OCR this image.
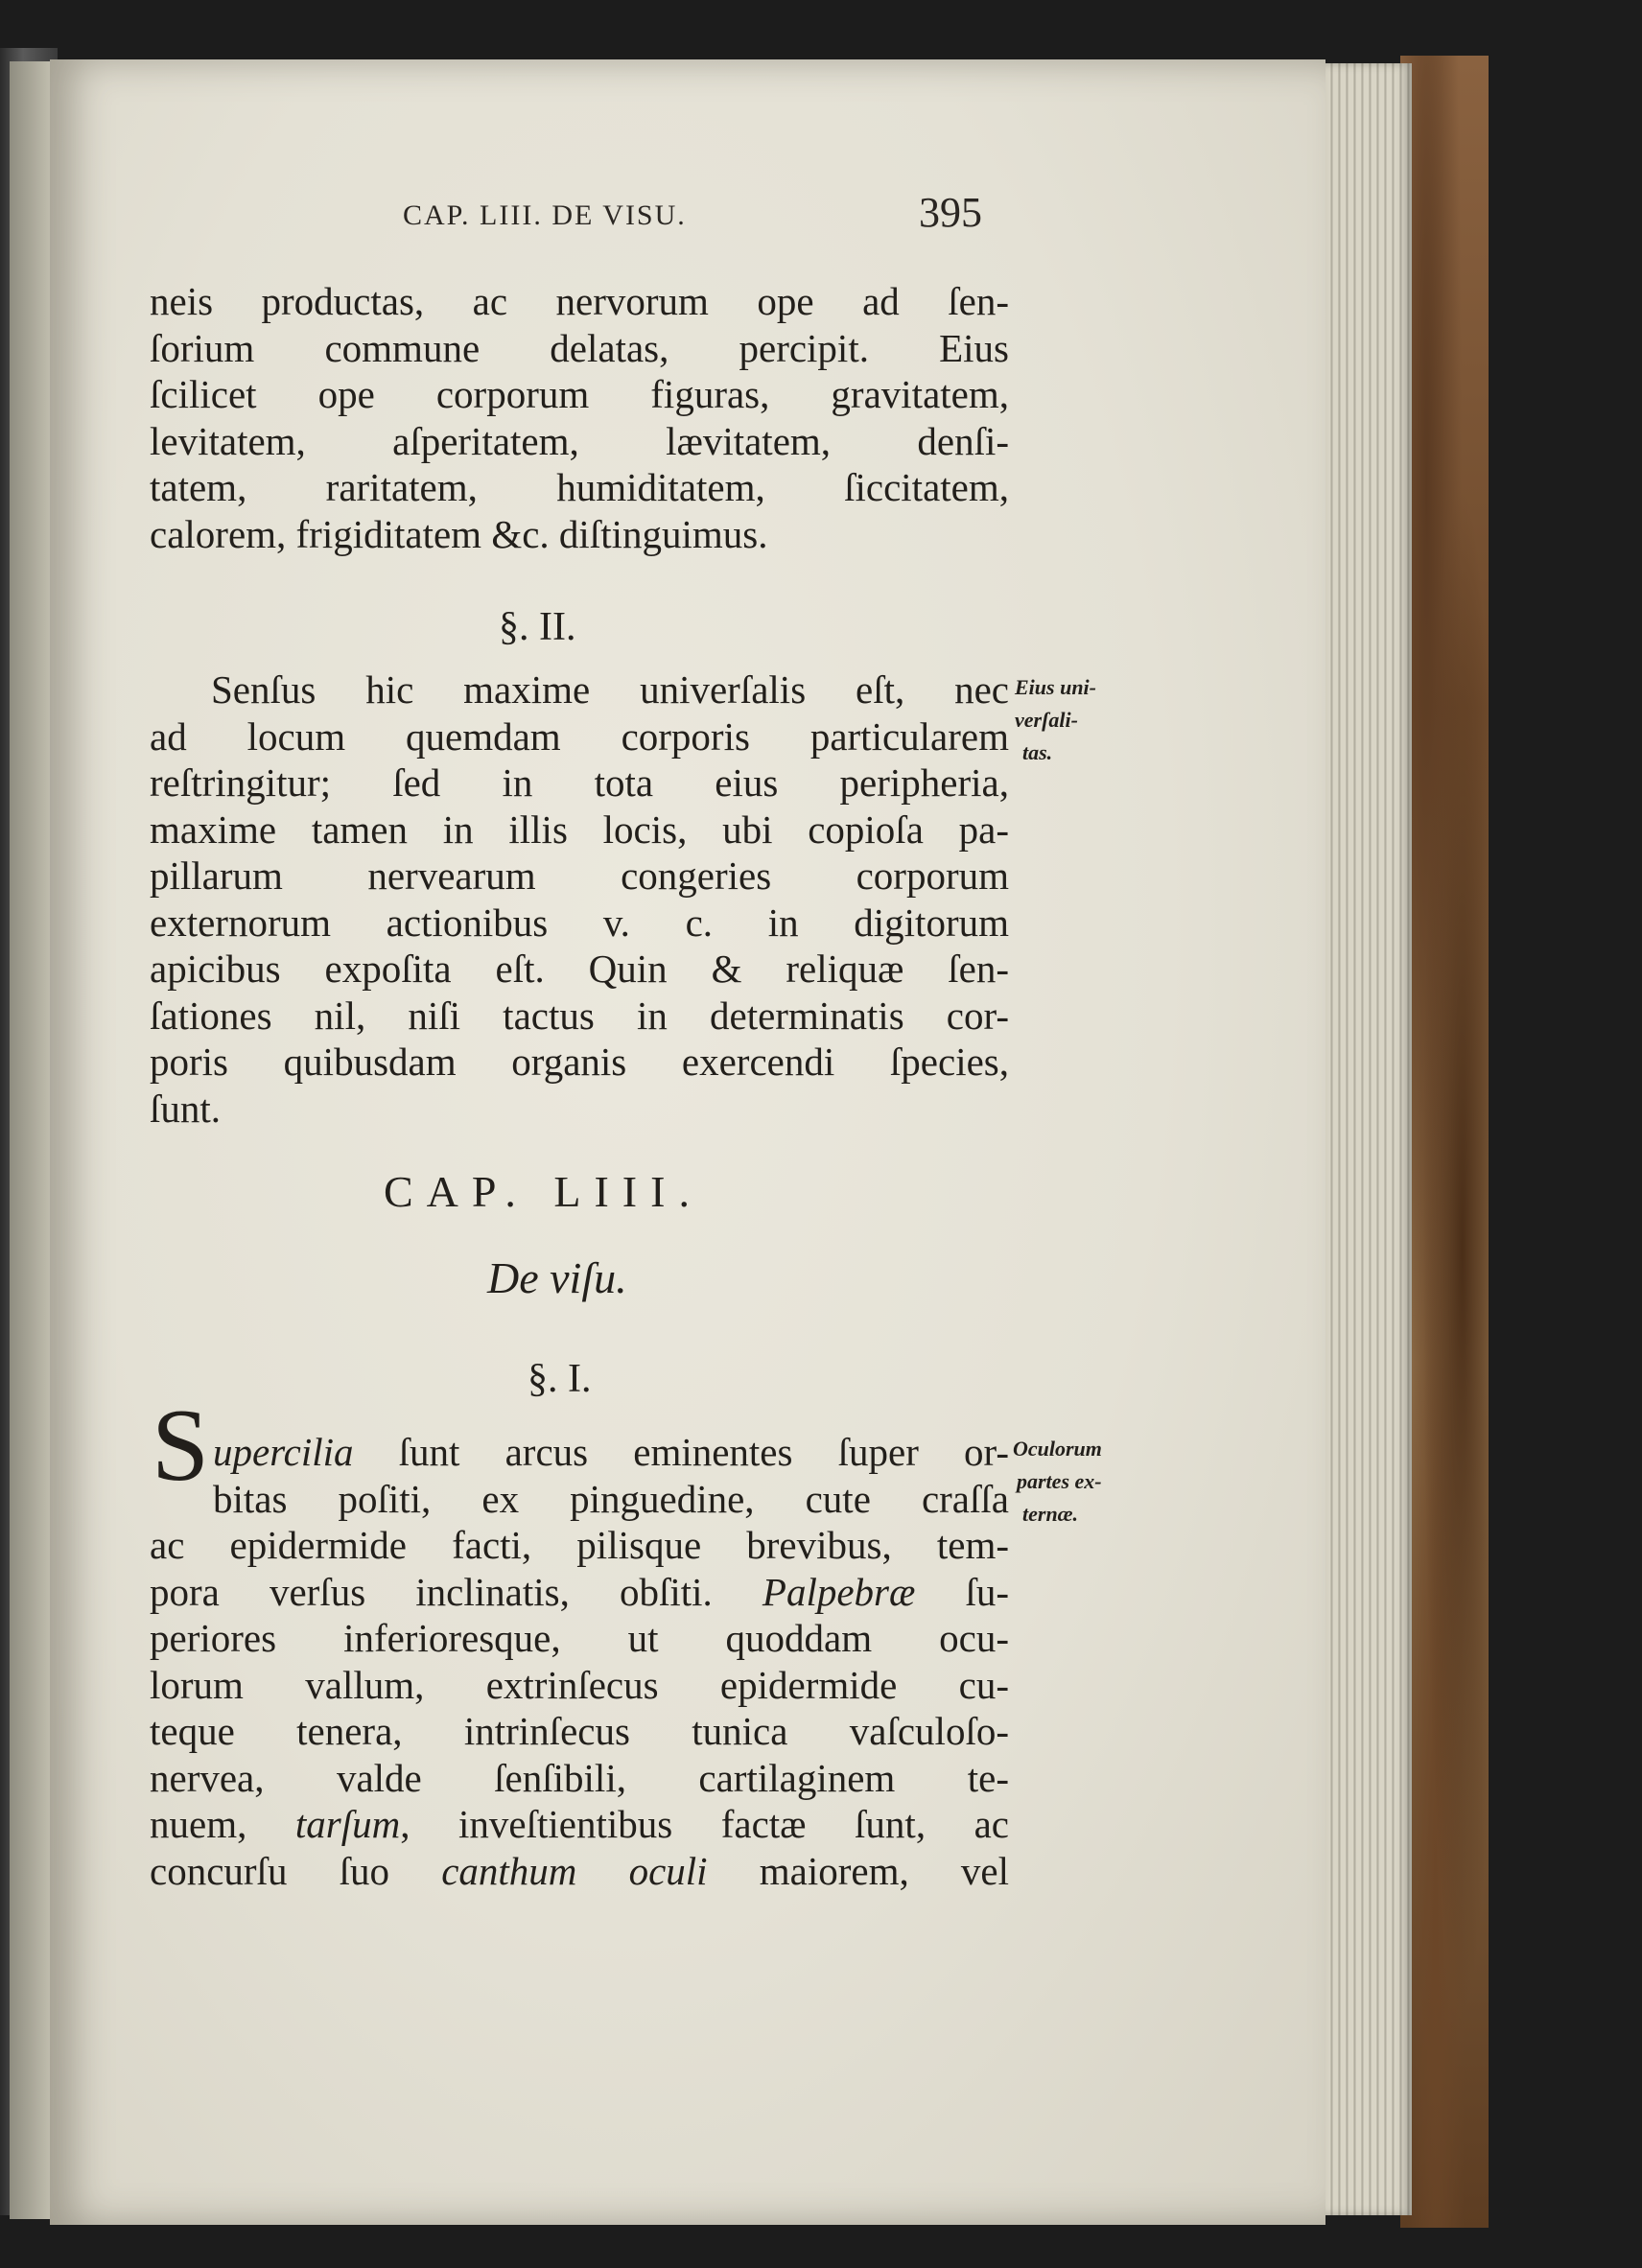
CAP. LIII. DE VISU.	395
neis productas, ac nervorum ope ad ſen-
ſorium commune delatas, percipit. Eius
ſcilicet ope corporum figuras, gravitatem,
levitatem, aſperitatem, lævitatem, denſi-
tatem, raritatem, humiditatem, ſiccitatem,
calorem, frigiditatem &c. diſtinguimus.
§. II.
Senſus hic maxime univerſalis eſt, nec
ad locum quemdam corporis particularem
reſtringitur; ſed in tota eius peripheria,
maxime tamen in illis locis, ubi copioſa pa-
pillarum nervearum congeries corporum
externorum actionibus v. c. in digitorum
apicibus expoſita eſt. Quin & reliquæ ſen-
ſationes nil, niſi tactus in determinatis cor-
poris quibusdam organis exercendi ſpecies,
ſunt.
Eius uni-
verſali-
tas.
CAP. LIII.
De viſu.
§. I.
S upercilia ſunt arcus eminentes ſuper or-
bitas poſiti, ex pinguedine, cute craſſa
ac epidermide facti, pilisque brevibus, tem-
pora verſus inclinatis, obſiti. Palpebræ ſu-
periores inferioresque, ut quoddam ocu-
lorum vallum, extrinſecus epidermide cu-
teque tenera, intrinſecus tunica vaſculoſo-
nervea, valde ſenſibili, cartilaginem te-
nuem, tarſum, inveſtientibus factæ ſunt, ac
concurſu ſuo canthum oculi maiorem, vel
Oculorum
partes ex-
ternæ.
